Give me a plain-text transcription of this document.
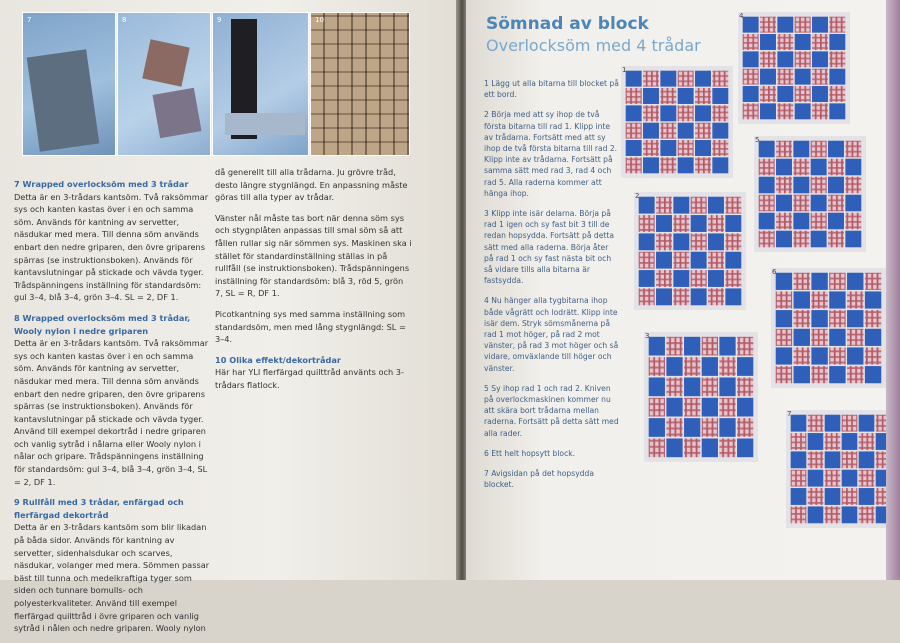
7	8	9	10

7 Wrapped overlocksöm med 3 trådar
Detta är en 3-trådars kantsöm. Två raksömmar sys och kanten kastas över i en och samma söm. Används för kantning av servetter, näsdukar med mera. Till denna söm används enbart den nedre griparen, den övre griparens spärras (se instruktionsboken). Används för kantavslutningar på stickade och vävda tyger. Trådspänningens inställning för standardsöm: gul 3–4, blå 3–4, grön 3–4. SL = 2, DF 1.

8 Wrapped overlocksöm med 3 trådar, Wooly nylon i nedre griparen
Detta är en 3-trådars kantsöm. Två raksömmar sys och kanten kastas över i en och samma söm. Används för kantning av servetter, näsdukar med mera. Till denna söm används enbart den nedre griparen, den övre griparens spärras (se instruktionsboken). Används för kantavslutningar på stickade och vävda tyger. Använd till exempel dekortråd i nedre griparen och vanlig sytråd i nålarna eller Wooly nylon i nålar och gripare. Trådspänningens inställning för standardsöm: gul 3–4, blå 3–4, grön 3–4, SL = 2, DF 1.

9 Rullfåll med 3 trådar, enfärgad och flerfärgad dekortråd
Detta är en 3-trådars kantsöm som blir likadan på båda sidor. Används för kantning av servetter, sidenhalsdukar och scarves, näsdukar, volanger med mera. Sömmen passar bäst till tunna och medelkraftiga tyger som siden och tunnare bomulls- och polyesterkvaliteter. Använd till exempel flerfärgad quilttråd i övre griparen och vanlig sytråd i nålen och nedre griparen. Wooly nylon

då generellt till alla trådarna. Ju grövre tråd, desto längre stygnlängd. En anpassning måste göras till alla typer av trådar.

Vänster nål måste tas bort när denna söm sys och stygnplåten anpassas till smal söm så att fållen rullar sig när sömmen sys. Maskinen ska i stället för standardinställning ställas in på rullfåll (se instruktionsboken). Trådspänningens inställning för standardsöm: blå 3, röd 5, grön 7, SL = R, DF 1.

Picotkantning sys med samma inställning som standardsöm, men med lång stygnlängd: SL = 3–4.

10 Olika effekt/dekortrådar
Här har YLI flerfärgad quilttråd använts och 3-trådars flatlock.

Sömnad av block
Overlocksöm med 4 trådar

1 Lägg ut alla bitarna till blocket på ett bord.

2 Börja med att sy ihop de två första bitarna till rad 1. Klipp inte av trådarna. Fortsätt med att sy ihop de två första bitarna till rad 2. Klipp inte av trådarna. Fortsätt på samma sätt med rad 3, rad 4 och rad 5. Alla raderna kommer att hänga ihop.

3 Klipp inte isär delarna. Börja på rad 1 igen och sy fast bit 3 till de redan hopsydda. Fortsätt på detta sätt med alla raderna. Börja åter på rad 1 och sy fast nästa bit och så vidare tills alla bitarna är fastsydda.

4 Nu hänger alla tygbitarna ihop både vågrätt och lodrätt. Klipp inte isär dem. Stryk sömsmånerna på rad 1 mot höger, på rad 2 mot vänster, på rad 3 mot höger och så vidare, omväxlande till höger och vänster.

5 Sy ihop rad 1 och rad 2. Kniven på overlockmaskinen kommer nu att skära bort trådarna mellan raderna. Fortsätt på detta sätt med alla rader.

6 Ett helt hopsytt block.

7 Avigsidan på det hopsydda blocket.

1
2
3
4
5
6
7
